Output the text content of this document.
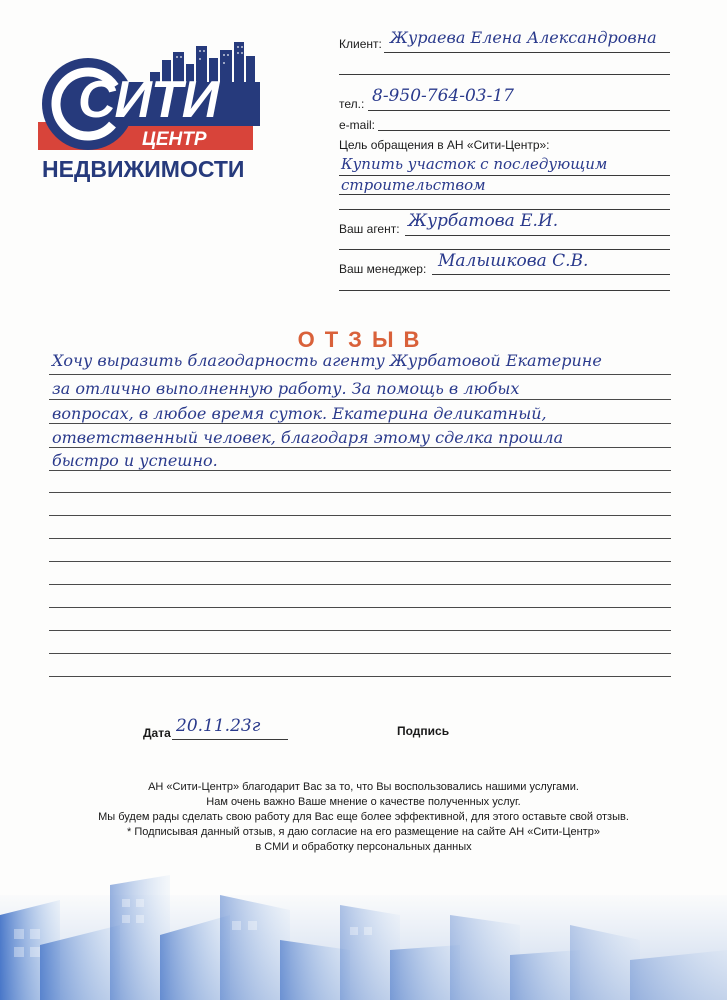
СИТИ
ЦЕНТР
НЕДВИЖИМОСТИ
Клиент: Жураева Елена Александровна
тел.: 8-950-764-03-17
e-mail:
Цель обращения в АН «Сити-Центр»:
Купить участок с последующим
строительством
Ваш агент: Журбатова Е.И.
Ваш менеджер: Малышкова С.В.
ОТЗЫВ
Хочу выразить благодарность агенту Журбатовой Екатерине
за отлично выполненную работу. За помощь в любых
вопросах, в любое время суток. Екатерина деликатный,
ответственный человек, благодаря этому сделка прошла
быстро и успешно.
Дата 20.11.23г	Подпись
АН «Сити-Центр» благодарит Вас за то, что Вы воспользовались нашими услугами.
Нам очень важно Ваше мнение о качестве полученных услуг.
Мы будем рады сделать свою работу для Вас еще более эффективной, для этого оставьте свой отзыв.
* Подписывая данный отзыв, я даю согласие на его размещение на сайте АН «Сити-Центр»
в СМИ и обработку персональных данных
